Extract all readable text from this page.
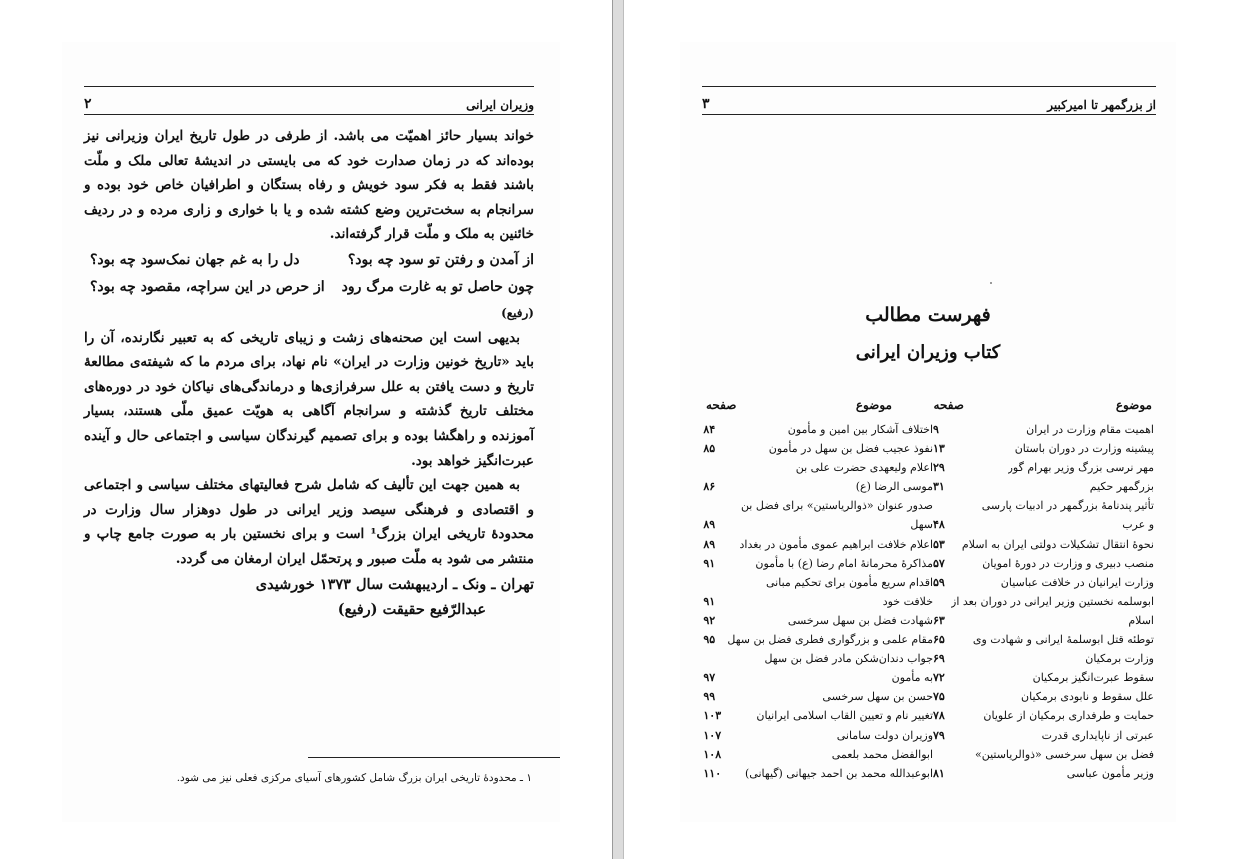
وزیران ایرانی
۲

خواند بسیار حائز اهمیّت می باشد. از طرفی در طول تاریخ ایران وزیرانی نیز بوده‌اند که در زمان صدارت خود که می بایستی در اندیشهٔ تعالی ملک و ملّت باشند فقط به فکر سود خویش و رفاه بستگان و اطرافیان خاص خود بوده‌ و سرانجام به سخت‌ترین وضع کشته شده و یا با خواری و زاری مرده و در ردیف خائنین به ملک و ملّت قرار گرفته‌اند.

از آمدن و رفتن تو سود چه بود؟
دل را به غم جهان نمک‌سود چه بود؟
چون حاصل تو به غارت مرگ رود
از حرص در این سراچه، مقصود چه بود؟

(رفیع)

بدیهی است این صحنه‌های زشت و زیبای تاریخی که به تعبیر نگارنده، آن را باید «تاریخ خونین وزارت در ایران» نام نهاد، برای مردم ما که شیفته‌ی مطالعهٔ تاریخ و دست یافتن به علل سرفرازی‌ها و درماندگی‌های نیاکان خود در دوره‌های مختلف تاریخ گذشته و سرانجام آگاهی به هویّت عمیق ملّی هستند، بسیار آموزنده و راهگشا بوده و برای تصمیم گیرندگان سیاسی و اجتماعی حال و آینده عبرت‌انگیز خواهد بود.

به همین جهت این تألیف که شامل شرح فعالیتهای مختلف سیاسی و اجتماعی و اقتصادی و فرهنگی سیصد وزیر ایرانی در طول دوهزار سال وزارت در محدودهٔ تاریخی ایران بزرگ¹ است و برای نخستین بار به صورت جامع چاپ و منتشر می شود به ملّت صبور و پرتحمّل ایران ارمغان می گردد.

تهران ـ ونک ـ اردیبهشت سال ۱۳۷۳ خورشیدی
عبدالرّفیع حقیقت (رفیع)
۱ ـ محدودهٔ تاریخی ایران بزرگ شامل کشورهای آسیای مرکزی فعلی نیز می شود.
از بزرگمهر تا امیرکبیر
۳
فهرست مطالب
کتاب وزیران ایرانی
موضوع
صفحه
موضوع
صفحه
اهمیت مقام وزارت در ایران
۹
پیشینه وزارت در دوران باستان
۱۳
مهر نرسی بزرگ وزیر بهرام گور
۲۹
بزرگمهر حکیم
۳۱
تأثیر پندنامهٔ بزرگمهر در ادبیات پارسی
و عرب
۴۸
نحوهٔ انتقال تشکیلات دولتی ایران به اسلام
۵۳
منصب دبیری و وزارت در دورهٔ امویان
۵۷
وزارت ایرانیان در خلافت عباسیان
۵۹
ابوسلمه نخستین وزیر ایرانی در دوران بعد از
اسلام
۶۳
توطئه قتل ابوسلمهٔ ایرانی و شهادت وی
۶۵
وزارت برمکیان
۶۹
سقوط عبرت‌انگیز برمکیان
۷۲
علل سقوط و نابودی برمکیان
۷۵
حمایت و طرفداری برمکیان از علویان
۷۸
عبرتی از ناپایداری قدرت
۷۹
فضل بن سهل سرخسی «ذوالریاستین»
وزیر مأمون عباسی
۸۱
اختلاف آشکار بین امین و مأمون
۸۴
نفوذ عجیب فضل بن سهل در مأمون
۸۵
اعلام ولیعهدی حضرت علی بن
موسی الرضا (ع)
۸۶
صدور عنوان «ذوالریاستین» برای فضل بن
سهل
۸۹
اعلام خلافت ابراهیم عموی مأمون در بغداد
۸۹
مذاکرهٔ محرمانهٔ امام رضا (ع) با مأمون
۹۱
اقدام سریع مأمون برای تحکیم مبانی
خلافت خود
۹۱
شهادت فضل بن سهل سرخسی
۹۲
مقام علمی و بزرگواری فطری فضل بن سهل
۹۵
جواب دندان‌شکن مادر فضل بن سهل
به مأمون
۹۷
حسن بن سهل سرخسی
۹۹
تغییر نام و تعیین القاب اسلامی ایرانیان
۱۰۳
وزیران دولت سامانی
۱۰۷
ابوالفضل محمد بلعمی
۱۰۸
ابوعبدالله محمد بن احمد جیهانی (گیهانی)
۱۱۰
